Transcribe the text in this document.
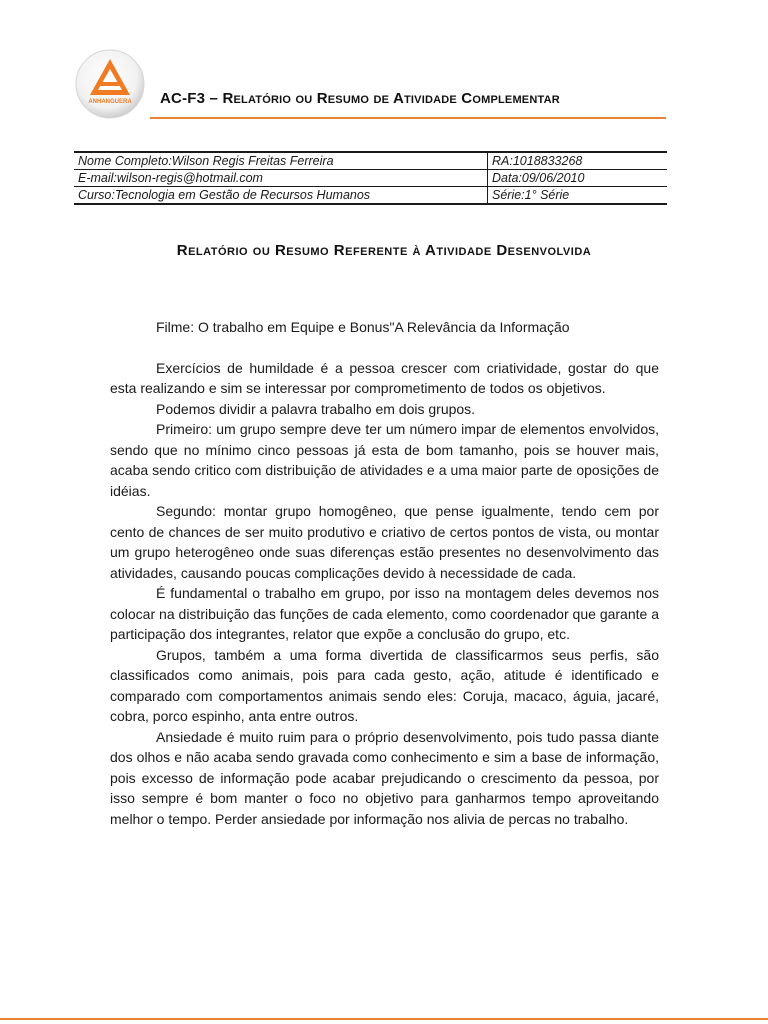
ANHANGUERA AC-F3 – Relatório ou Resumo de Atividade Complementar
Nome Completo:Wilson Regis Freitas Ferreira	RA:1018833268
E-mail:wilson-regis@hotmail.com	Data:09/06/2010
Curso:Tecnologia em Gestão de Recursos Humanos	Série:1° Série
Relatório ou Resumo Referente à Atividade Desenvolvida

Filme: O trabalho em Equipe e Bonus"A Relevância da Informação

Exercícios de humildade é a pessoa crescer com criatividade, gostar do que esta realizando e sim se interessar por comprometimento de todos os objetivos.

Podemos dividir a palavra trabalho em dois grupos.

Primeiro: um grupo sempre deve ter um número impar de elementos envolvidos, sendo que no mínimo cinco pessoas já esta de bom tamanho, pois se houver mais, acaba sendo critico com distribuição de atividades e a uma maior parte de oposições de idéias.

Segundo: montar grupo homogêneo, que pense igualmente, tendo cem por cento de chances de ser muito produtivo e criativo de certos pontos de vista, ou montar um grupo heterogêneo onde suas diferenças estão presentes no desenvolvimento das atividades, causando poucas complicações devido à necessidade de cada.

É fundamental o trabalho em grupo, por isso na montagem deles devemos nos colocar na distribuição das funções de cada elemento, como coordenador que garante a participação dos integrantes, relator que expõe a conclusão do grupo, etc.

Grupos, também a uma forma divertida de classificarmos seus perfis, são classificados como animais, pois para cada gesto, ação, atitude é identificado e comparado com comportamentos animais sendo eles: Coruja, macaco, águia, jacaré, cobra, porco espinho, anta entre outros.

Ansiedade é muito ruim para o próprio desenvolvimento, pois tudo passa diante dos olhos e não acaba sendo gravada como conhecimento e sim a base de informação, pois excesso de informação pode acabar prejudicando o crescimento da pessoa, por isso sempre é bom manter o foco no objetivo para ganharmos tempo aproveitando melhor o tempo. Perder ansiedade por informação nos alivia de percas no trabalho.
